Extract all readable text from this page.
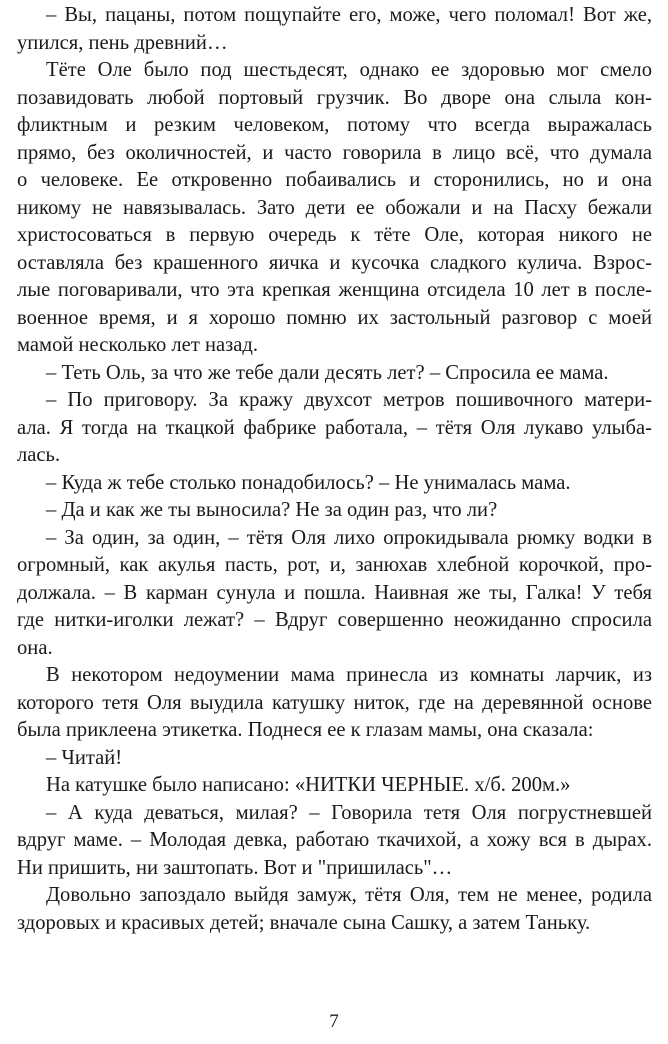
– Вы, пацаны, потом пощупайте его, може, чего поломал! Вот же,
упился, пень древний…
Тёте Оле было под шестьдесят, однако ее здоровью мог смело
позавидовать любой портовый грузчик. Во дворе она слыла кон-
фликтным и резким человеком, потому что всегда выражалась
прямо, без околичностей, и часто говорила в лицо всё, что думала
о человеке. Ее откровенно побаивались и сторонились, но и она
никому не навязывалась. Зато дети ее обожали и на Пасху бежали
христосоваться в первую очередь к тёте Оле, которая никого не
оставляла без крашенного яичка и кусочка сладкого кулича. Взрос-
лые поговаривали, что эта крепкая женщина отсидела 10 лет в после-
военное время, и я хорошо помню их застольный разговор с моей
мамой несколько лет назад.
– Теть Оль, за что же тебе дали десять лет? – Спросила ее мама.
– По приговору. За кражу двухсот метров пошивочного матери-
ала. Я тогда на ткацкой фабрике работала, – тётя Оля лукаво улыба-
лась.
– Куда ж тебе столько понадобилось? – Не унималась мама.
– Да и как же ты выносила? Не за один раз, что ли?
– За один, за один, – тётя Оля лихо опрокидывала рюмку водки в
огромный, как акулья пасть, рот, и, занюхав хлебной корочкой, про-
должала. – В карман сунула и пошла. Наивная же ты, Галка! У тебя
где нитки-иголки лежат? – Вдруг совершенно неожиданно спросила
она.
В некотором недоумении мама принесла из комнаты ларчик, из
которого тетя Оля выудила катушку ниток, где на деревянной основе
была приклеена этикетка. Поднеся ее к глазам мамы, она сказала:
– Читай!
На катушке было написано: «НИТКИ ЧЕРНЫЕ. х/б. 200м.»
– А куда деваться, милая? – Говорила тетя Оля погрустневшей
вдруг маме. – Молодая девка, работаю ткачихой, а хожу вся в дырах.
Ни пришить, ни заштопать. Вот и "пришилась"…
Довольно запоздало выйдя замуж, тётя Оля, тем не менее, родила
здоровых и красивых детей; вначале сына Сашку, а затем Таньку.
7
